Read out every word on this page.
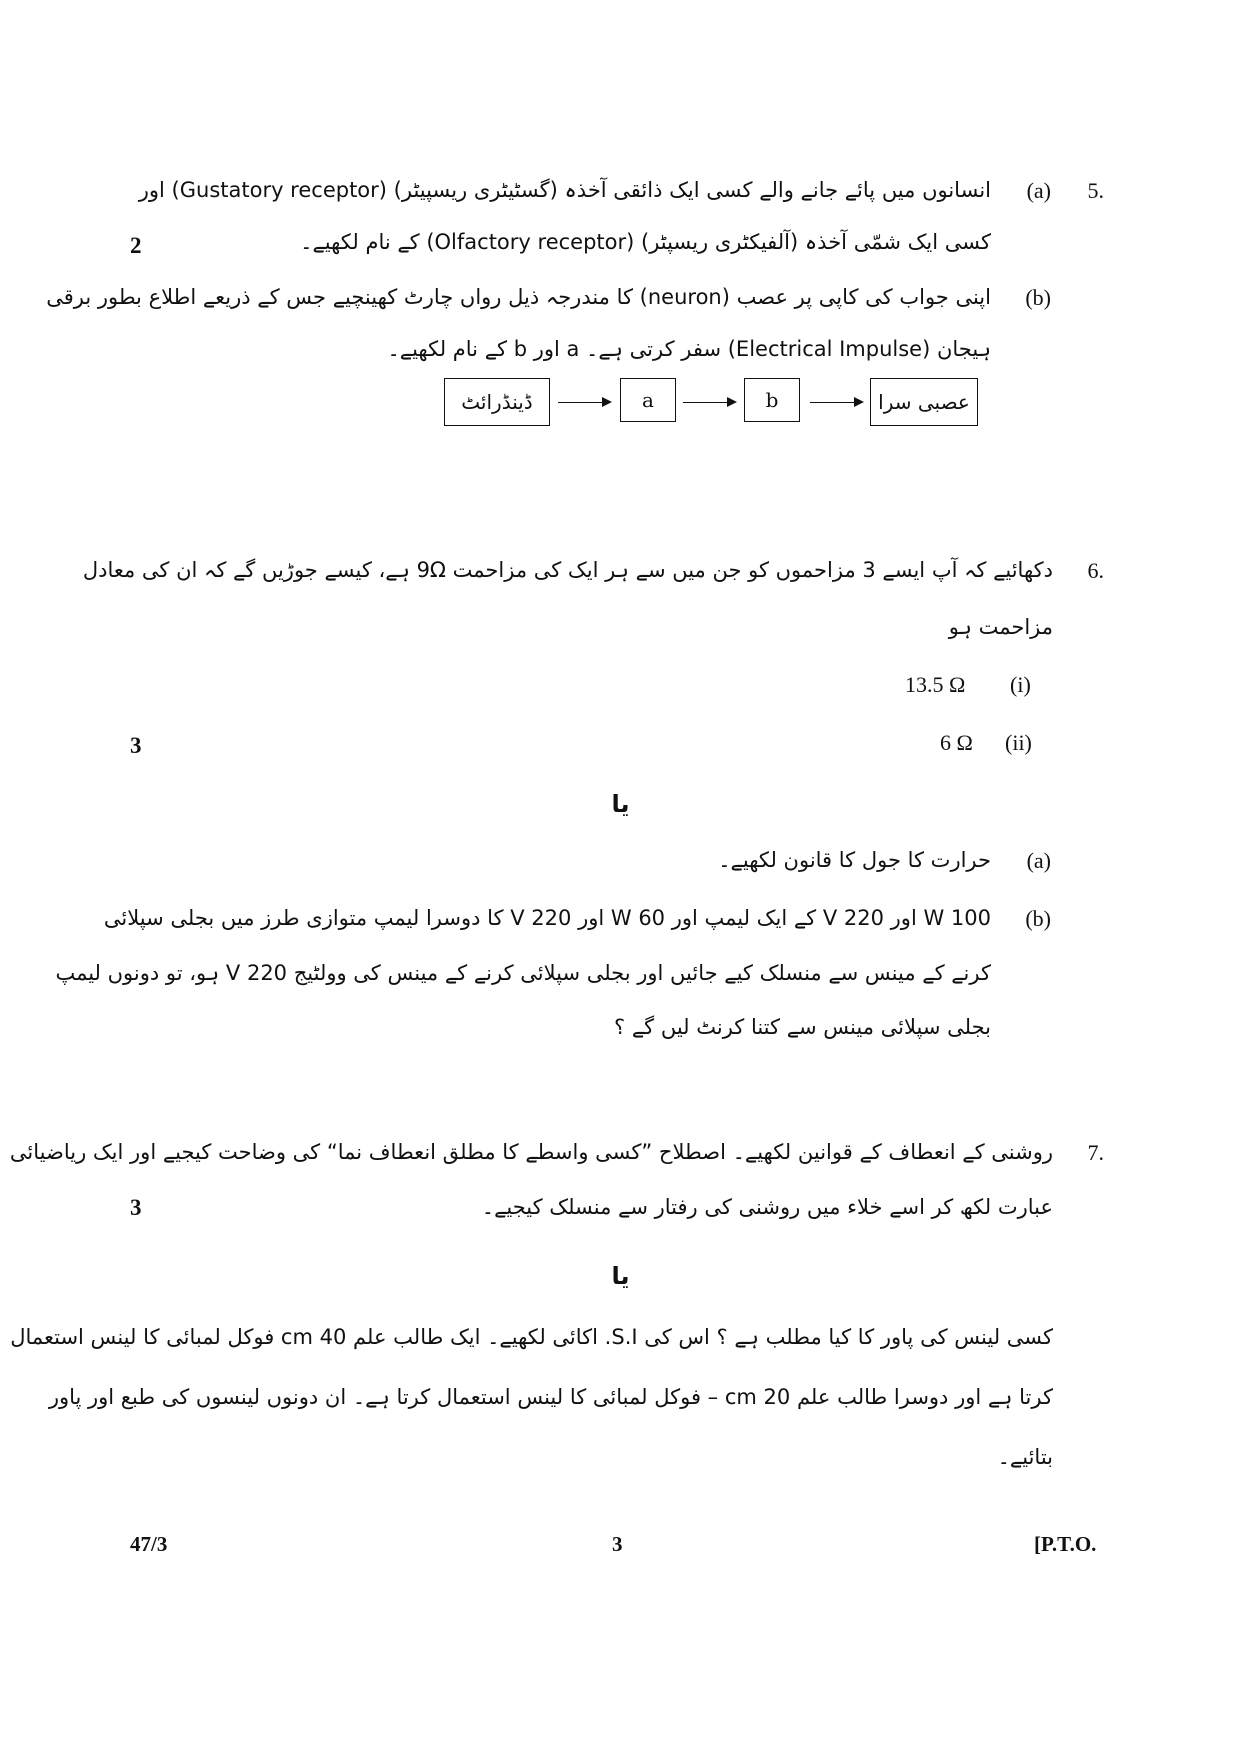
5.
(a)
انسانوں میں پائے جانے والے کسی ایک ذائقی آخذہ (گسٹیٹری ریسپیٹر) (Gustatory receptor) اور
کسی ایک شمّی آخذہ (آلفیکٹری ریسپٹر) (Olfactory receptor) کے نام لکھیے۔
2
(b)
اپنی جواب کی کاپی پر عصب (neuron) کا مندرجہ ذیل رواں چارٹ کھینچیے جس کے ذریعے اطلاع بطور برقی
ہیجان (Electrical Impulse) سفر کرتی ہے۔ a اور b کے نام لکھیے۔
عصبی سرا
b
a
ڈینڈرائٹ
6.
دکھائیے کہ آپ ایسے 3 مزاحموں کو جن میں سے ہر ایک کی مزاحمت 9Ω ہے، کیسے جوڑیں گے کہ ان کی معادل
مزاحمت ہو
(i)
13.5 Ω
(ii)
6 Ω
3
یا
(a)
حرارت کا جول کا قانون لکھیے۔
(b)
100 W اور 220 V کے ایک لیمپ اور 60 W اور 220 V کا دوسرا لیمپ متوازی طرز میں بجلی سپلائی
کرنے کے مینس سے منسلک کیے جائیں اور بجلی سپلائی کرنے کے مینس کی وولٹیج 220 V ہو، تو دونوں لیمپ
بجلی سپلائی مینس سے کتنا کرنٹ لیں گے ؟
7.
روشنی کے انعطاف کے قوانین لکھیے۔ اصطلاح ”کسی واسطے کا مطلق انعطاف نما“ کی وضاحت کیجیے اور ایک ریاضیائی
عبارت لکھ کر اسے خلاء میں روشنی کی رفتار سے منسلک کیجیے۔
3
یا
کسی لینس کی پاور کا کیا مطلب ہے ؟ اس کی S.I. اکائی لکھیے۔ ایک طالب علم 40 cm فوکل لمبائی کا لینس استعمال
کرتا ہے اور دوسرا طالب علم 20 cm – فوکل لمبائی کا لینس استعمال کرتا ہے۔ ان دونوں لینسوں کی طبع اور پاور
بتائیے۔
47/3	3	[P.T.O.
